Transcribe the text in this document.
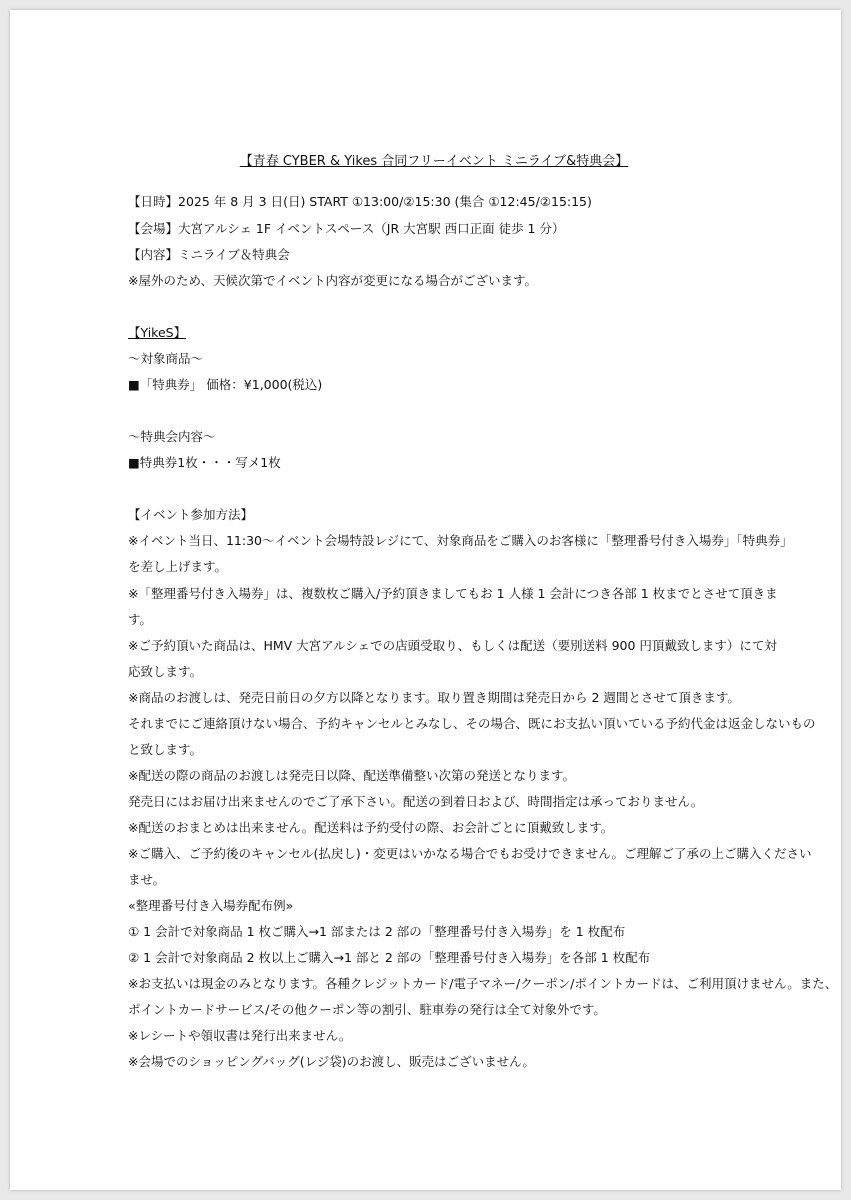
【青春 CYBER & Yikes 合同フリーイベント ミニライブ&特典会】
【日時】2025 年 8 月 3 日(日) START ①13:00/②15:30 (集合 ①12:45/②15:15)
【会場】大宮アルシェ 1F イベントスペース（JR 大宮駅 西口正面 徒歩 1 分）
【内容】ミニライブ＆特典会
※屋外のため、天候次第でイベント内容が変更になる場合がございます。
【YikeS】
～対象商品～
■「特典券」 価格：¥1,000(税込)
～特典会内容～
■特典券1枚・・・写メ1枚
【イベント参加方法】
※イベント当日、11:30～イベント会場特設レジにて、対象商品をご購入のお客様に「整理番号付き入場券」「特典券」
を差し上げます。
※「整理番号付き入場券」は、複数枚ご購入/予約頂きましてもお 1 人様 1 会計につき各部 1 枚までとさせて頂きま
す。
※ご予約頂いた商品は、HMV 大宮アルシェでの店頭受取り、もしくは配送（要別送料 900 円頂戴致します）にて対
応致します。
※商品のお渡しは、発売日前日の夕方以降となります。取り置き期間は発売日から 2 週間とさせて頂きます。
それまでにご連絡頂けない場合、予約キャンセルとみなし、その場合、既にお支払い頂いている予約代金は返金しないもの
と致します。
※配送の際の商品のお渡しは発売日以降、配送準備整い次第の発送となります。
発売日にはお届け出来ませんのでご了承下さい。配送の到着日および、時間指定は承っておりません。
※配送のおまとめは出来ません。配送料は予約受付の際、お会計ごとに頂戴致します。
※ご購入、ご予約後のキャンセル(払戻し)・変更はいかなる場合でもお受けできません。ご理解ご了承の上ご購入ください
ませ。
«整理番号付き入場券配布例»
① 1 会計で対象商品 1 枚ご購入→1 部または 2 部の「整理番号付き入場券」を 1 枚配布
② 1 会計で対象商品 2 枚以上ご購入→1 部と 2 部の「整理番号付き入場券」を各部 1 枚配布
※お支払いは現金のみとなります。各種クレジットカード/電子マネー/クーポン/ポイントカードは、ご利用頂けません。また、
ポイントカードサービス/その他クーポン等の割引、駐車券の発行は全て対象外です。
※レシートや領収書は発行出来ません。
※会場でのショッピングバッグ(レジ袋)のお渡し、販売はございません。
